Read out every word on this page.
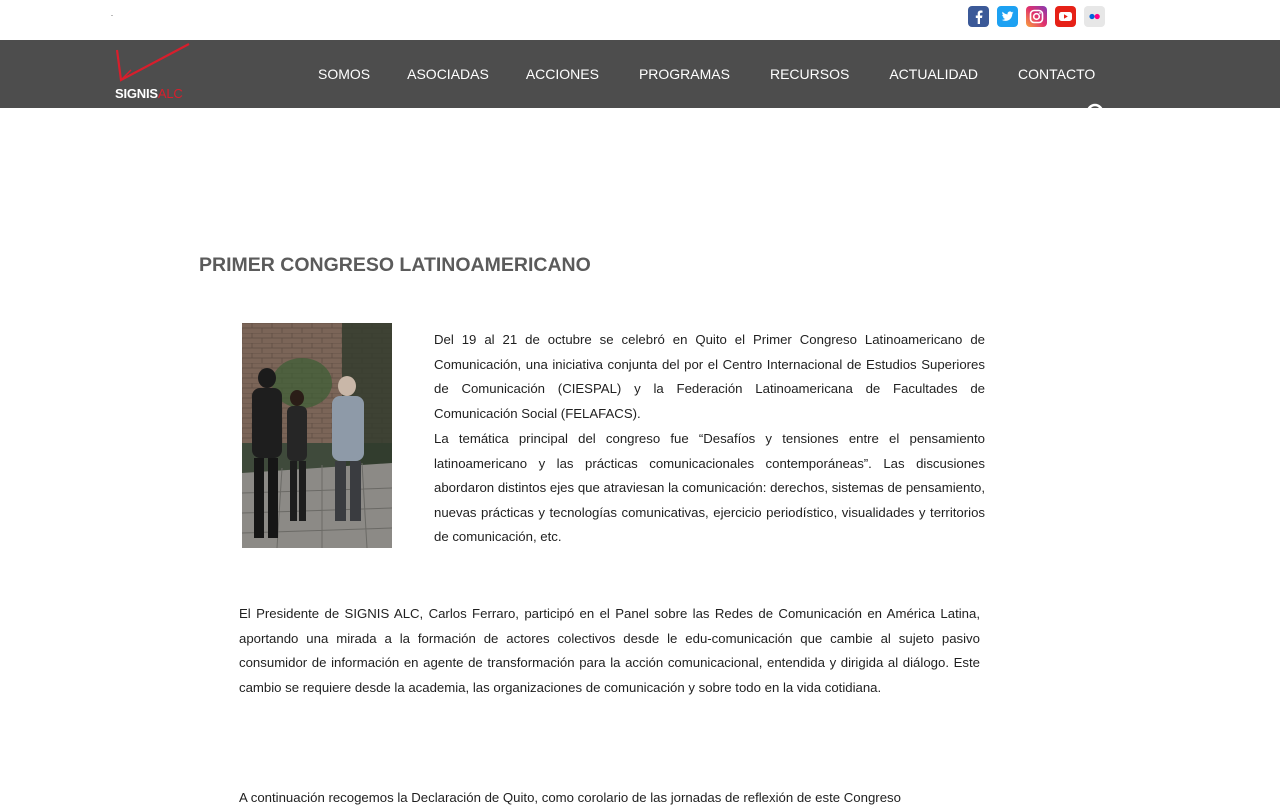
SIGNISALC
SOMOS	ASOCIADAS	ACCIONES	PROGRAMAS	RECURSOS	ACTUALIDAD	CONTACTO
PRIMER CONGRESO LATINOAMERICANO

Del 19 al 21 de octubre se celebró en Quito el Primer Congreso Latinoamericano de Comunicación, una iniciativa conjunta del por el Centro Internacional de Estudios Superiores de Comunicación (CIESPAL) y la Federación Latinoamericana de Facultades de Comunicación Social (FELAFACS).

La temática principal del congreso fue “Desafíos y tensiones entre el pensamiento latinoamericano y las prácticas comunicacionales contemporáneas”. Las discusiones abordaron distintos ejes que atraviesan la comunicación: derechos, sistemas de pensamiento, nuevas prácticas y tecnologías comunicativas, ejercicio periodístico, visualidades y territorios de comunicación, etc.

El Presidente de SIGNIS ALC, Carlos Ferraro, participó en el Panel sobre las Redes de Comunicación en América Latina, aportando una mirada a la formación de actores colectivos desde le edu-comunicación que cambie al sujeto pasivo consumidor de información en agente de transformación para la acción comunicacional, entendida y dirigida al diálogo. Este cambio se requiere desde la academia, las organizaciones de comunicación y sobre todo en la vida cotidiana.

A continuación recogemos la Declaración de Quito, como corolario de las jornadas de reflexión de este Congreso
